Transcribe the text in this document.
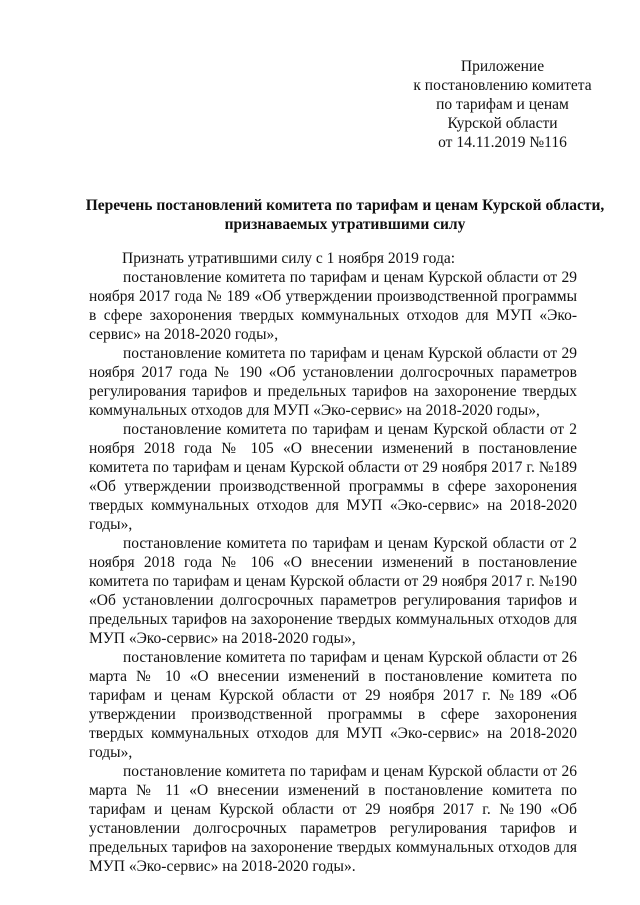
Приложение
к постановлению комитета
по тарифам и ценам
Курской области
от 14.11.2019 №116
Перечень постановлений комитета по тарифам и ценам Курской области, признаваемых утратившими силу
Признать утратившими силу с 1 ноября 2019 года:

постановление комитета по тарифам и ценам Курской области от 29 ноября 2017 года № 189 «Об утверждении производственной программы в сфере захоронения твердых коммунальных отходов для МУП «Эко-сервис» на 2018-2020 годы»,

постановление комитета по тарифам и ценам Курской области от 29 ноября 2017 года № 190 «Об установлении долгосрочных параметров регулирования тарифов и предельных тарифов на захоронение твердых коммунальных отходов для МУП «Эко-сервис» на 2018-2020 годы»,

постановление комитета по тарифам и ценам Курской области от 2 ноября 2018 года № 105 «О внесении изменений в постановление комитета по тарифам и ценам Курской области от 29 ноября 2017 г. №189 «Об утверждении производственной программы в сфере захоронения твердых коммунальных отходов для МУП «Эко-сервис» на 2018-2020 годы»,

постановление комитета по тарифам и ценам Курской области от 2 ноября 2018 года № 106 «О внесении изменений в постановление комитета по тарифам и ценам Курской области от 29 ноября 2017 г. №190 «Об установлении долгосрочных параметров регулирования тарифов и предельных тарифов на захоронение твердых коммунальных отходов для МУП «Эко-сервис» на 2018-2020 годы»,

постановление комитета по тарифам и ценам Курской области от 26 марта № 10 «О внесении изменений в постановление комитета по тарифам и ценам Курской области от 29 ноября 2017 г. №189 «Об утверждении производственной программы в сфере захоронения твердых коммунальных отходов для МУП «Эко-сервис» на 2018-2020 годы»,

постановление комитета по тарифам и ценам Курской области от 26 марта № 11 «О внесении изменений в постановление комитета по тарифам и ценам Курской области от 29 ноября 2017 г. №190 «Об установлении долгосрочных параметров регулирования тарифов и предельных тарифов на захоронение твердых коммунальных отходов для МУП «Эко-сервис» на 2018-2020 годы».
